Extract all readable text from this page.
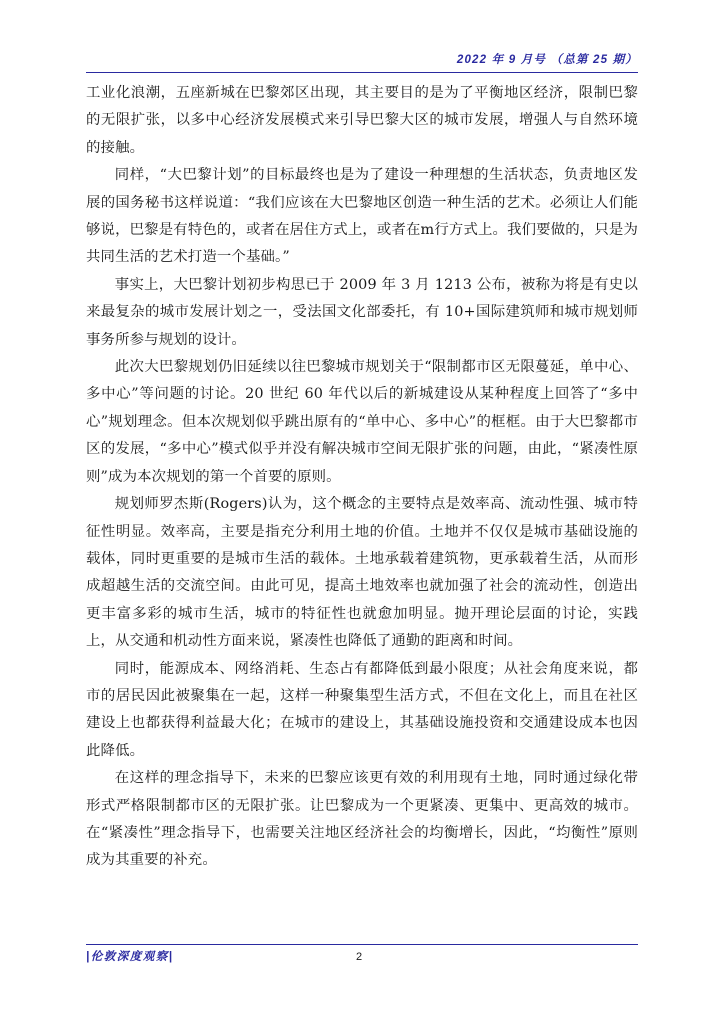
2022 年 9 月号 （总第 25 期）

工业化浪潮，五座新城在巴黎郊区出现，其主要目的是为了平衡地区经济，限制巴黎的无限扩张，以多中心经济发展模式来引导巴黎大区的城市发展，增强人与自然环境的接触。

同样，“大巴黎计划”的目标最终也是为了建设一种理想的生活状态，负责地区发展的国务秘书这样说道：“我们应该在大巴黎地区创造一种生活的艺术。必须让人们能够说，巴黎是有特色的，或者在居住方式上，或者在m行方式上。我们要做的，只是为共同生活的艺术打造一个基础。”

事实上，大巴黎计划初步构思已于 2009 年 3 月 1213 公布，被称为将是有史以来最复杂的城市发展计划之一，受法国文化部委托，有 10+国际建筑师和城市规划师事务所参与规划的设计。

此次大巴黎规划仍旧延续以往巴黎城市规划关于“限制都市区无限蔓延，单中心、多中心”等问题的讨论。20 世纪 60 年代以后的新城建设从某种程度上回答了“多中心”规划理念。但本次规划似乎跳出原有的“单中心、多中心”的框框。由于大巴黎都市区的发展，“多中心”模式似乎并没有解决城市空间无限扩张的问题，由此，“紧凑性原则”成为本次规划的第一个首要的原则。

规划师罗杰斯(Rogers)认为，这个概念的主要特点是效率高、流动性强、城市特征性明显。效率高，主要是指充分利用土地的价值。土地并不仅仅是城市基础设施的载体，同时更重要的是城市生活的载体。土地承载着建筑物，更承载着生活，从而形成超越生活的交流空间。由此可见，提高土地效率也就加强了社会的流动性，创造出更丰富多彩的城市生活，城市的特征性也就愈加明显。抛开理论层面的讨论，实践上，从交通和机动性方面来说，紧凑性也降低了通勤的距离和时间。

同时，能源成本、网络消耗、生态占有都降低到最小限度；从社会角度来说，都市的居民因此被聚集在一起，这样一种聚集型生活方式，不但在文化上，而且在社区建设上也都获得利益最大化；在城市的建设上，其基础设施投资和交通建设成本也因此降低。

在这样的理念指导下，未来的巴黎应该更有效的利用现有土地，同时通过绿化带形式严格限制都市区的无限扩张。让巴黎成为一个更紧凑、更集中、更高效的城市。在“紧凑性”理念指导下，也需要关注地区经济社会的均衡增长，因此，“均衡性”原则成为其重要的补充。

|伦敦深度观察|	2
